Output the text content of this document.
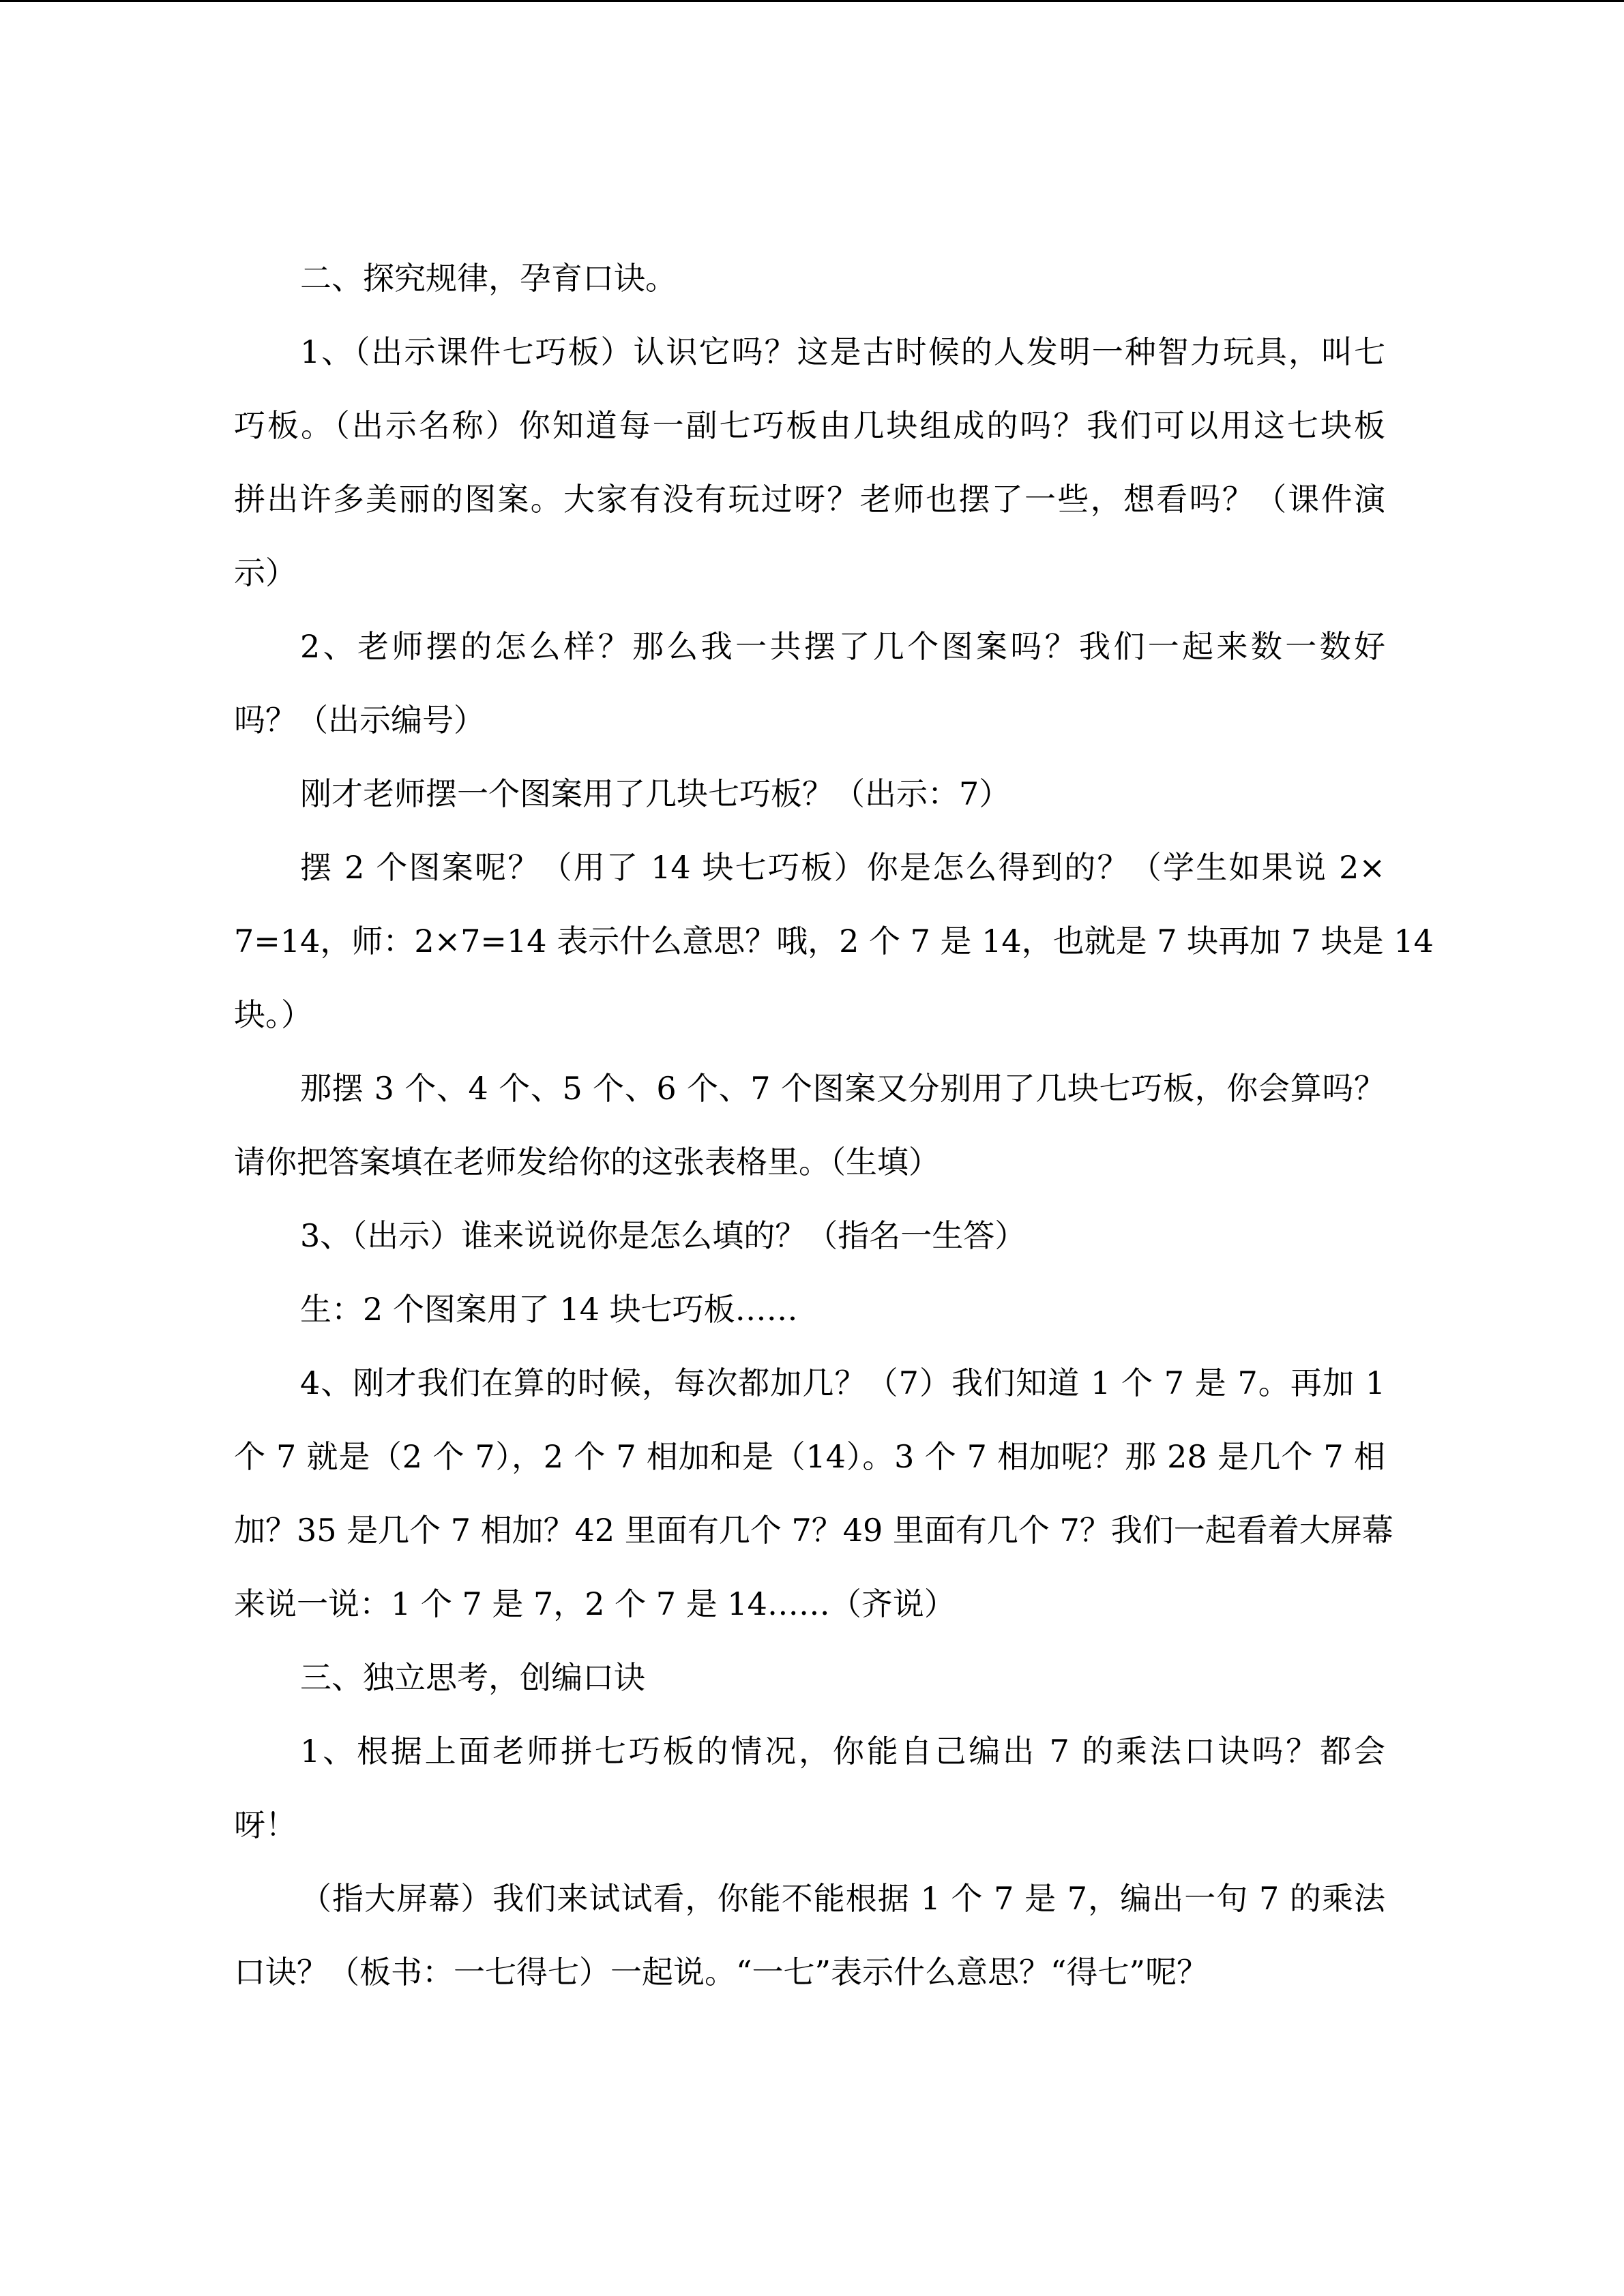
二、探究规律，孕育口诀。
1、（出示课件七巧板）认识它吗？这是古时候的人发明一种智力玩具，叫七
巧板。（出示名称）你知道每一副七巧板由几块组成的吗？我们可以用这七块板
拼出许多美丽的图案。大家有没有玩过呀？老师也摆了一些，想看吗？（课件演
示）
2、老师摆的怎么样？那么我一共摆了几个图案吗？我们一起来数一数好
吗？（出示编号）
刚才老师摆一个图案用了几块七巧板？（出示：7）
摆 2 个图案呢？（用了 14 块七巧板）你是怎么得到的？（学生如果说 2×
7=14，师：2×7=14 表示什么意思？哦，2 个 7 是 14，也就是 7 块再加 7 块是 14
块。）
那摆 3 个、4 个、5 个、6 个、7 个图案又分别用了几块七巧板，你会算吗？
请你把答案填在老师发给你的这张表格里。（生填）
3、（出示）谁来说说你是怎么填的？（指名一生答）
生：2 个图案用了 14 块七巧板……
4、刚才我们在算的时候，每次都加几？（7）我们知道 1 个 7 是 7。再加 1
个 7 就是（2 个 7），2 个 7 相加和是（14）。3 个 7 相加呢？那 28 是几个 7 相
加？35 是几个 7 相加？42 里面有几个 7？49 里面有几个 7？我们一起看着大屏幕
来说一说：1 个 7 是 7，2 个 7 是 14……（齐说）
三、独立思考，创编口诀
1、根据上面老师拼七巧板的情况，你能自己编出 7 的乘法口诀吗？都会
呀！
（指大屏幕）我们来试试看，你能不能根据 1 个 7 是 7，编出一句 7 的乘法
口诀？（板书：一七得七）一起说。“一七”表示什么意思？“得七”呢？
